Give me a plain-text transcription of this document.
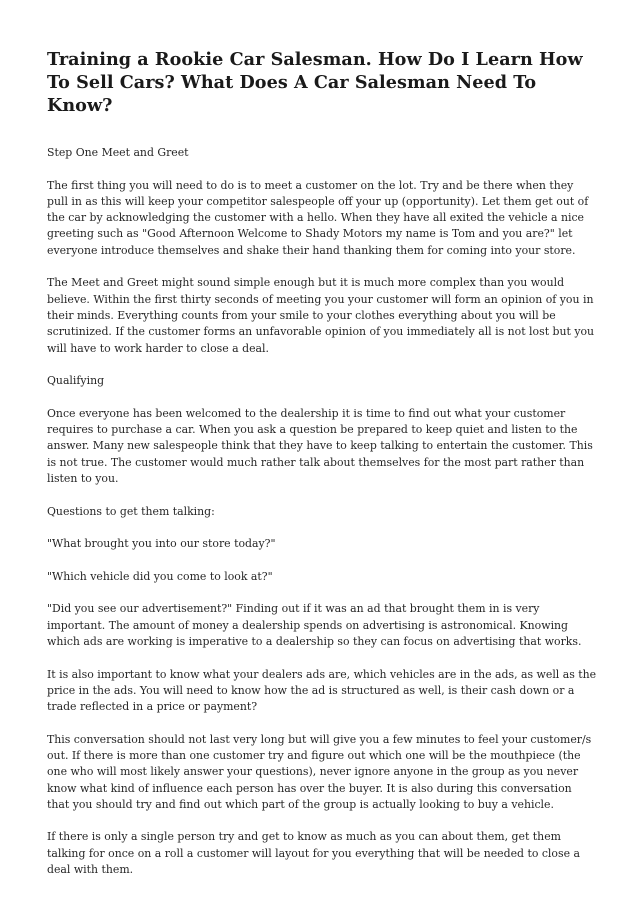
Training a Rookie Car Salesman. How Do I Learn How To Sell Cars? What Does A Car Salesman Need To Know?

Step One Meet and Greet

The first thing you will need to do is to meet a customer on the lot. Try and be there when they pull in as this will keep your competitor salespeople off your up (opportunity). Let them get out of the car by acknowledging the customer with a hello. When they have all exited the vehicle a nice greeting such as "Good Afternoon Welcome to Shady Motors my name is Tom and you are?" let everyone introduce themselves and shake their hand thanking them for coming into your store.

The Meet and Greet might sound simple enough but it is much more complex than you would believe. Within the first thirty seconds of meeting you your customer will form an opinion of you in their minds. Everything counts from your smile to your clothes everything about you will be scrutinized. If the customer forms an unfavorable opinion of you immediately all is not lost but you will have to work harder to close a deal.

Qualifying

Once everyone has been welcomed to the dealership it is time to find out what your customer requires to purchase a car. When you ask a question be prepared to keep quiet and listen to the answer. Many new salespeople think that they have to keep talking to entertain the customer. This is not true. The customer would much rather talk about themselves for the most part rather than listen to you.

Questions to get them talking:

"What brought you into our store today?"

"Which vehicle did you come to look at?"

"Did you see our advertisement?" Finding out if it was an ad that brought them in is very important. The amount of money a dealership spends on advertising is astronomical. Knowing which ads are working is imperative to a dealership so they can focus on advertising that works.

It is also important to know what your dealers ads are, which vehicles are in the ads, as well as the price in the ads. You will need to know how the ad is structured as well, is their cash down or a trade reflected in a price or payment?

This conversation should not last very long but will give you a few minutes to feel your customer/s out. If there is more than one customer try and figure out which one will be the mouthpiece (the one who will most likely answer your questions), never ignore anyone in the group as you never know what kind of influence each person has over the buyer. It is also during this conversation that you should try and find out which part of the group is actually looking to buy a vehicle.

If there is only a single person try and get to know as much as you can about them, get them talking for once on a roll a customer will layout for you everything that will be needed to close a deal with them.
